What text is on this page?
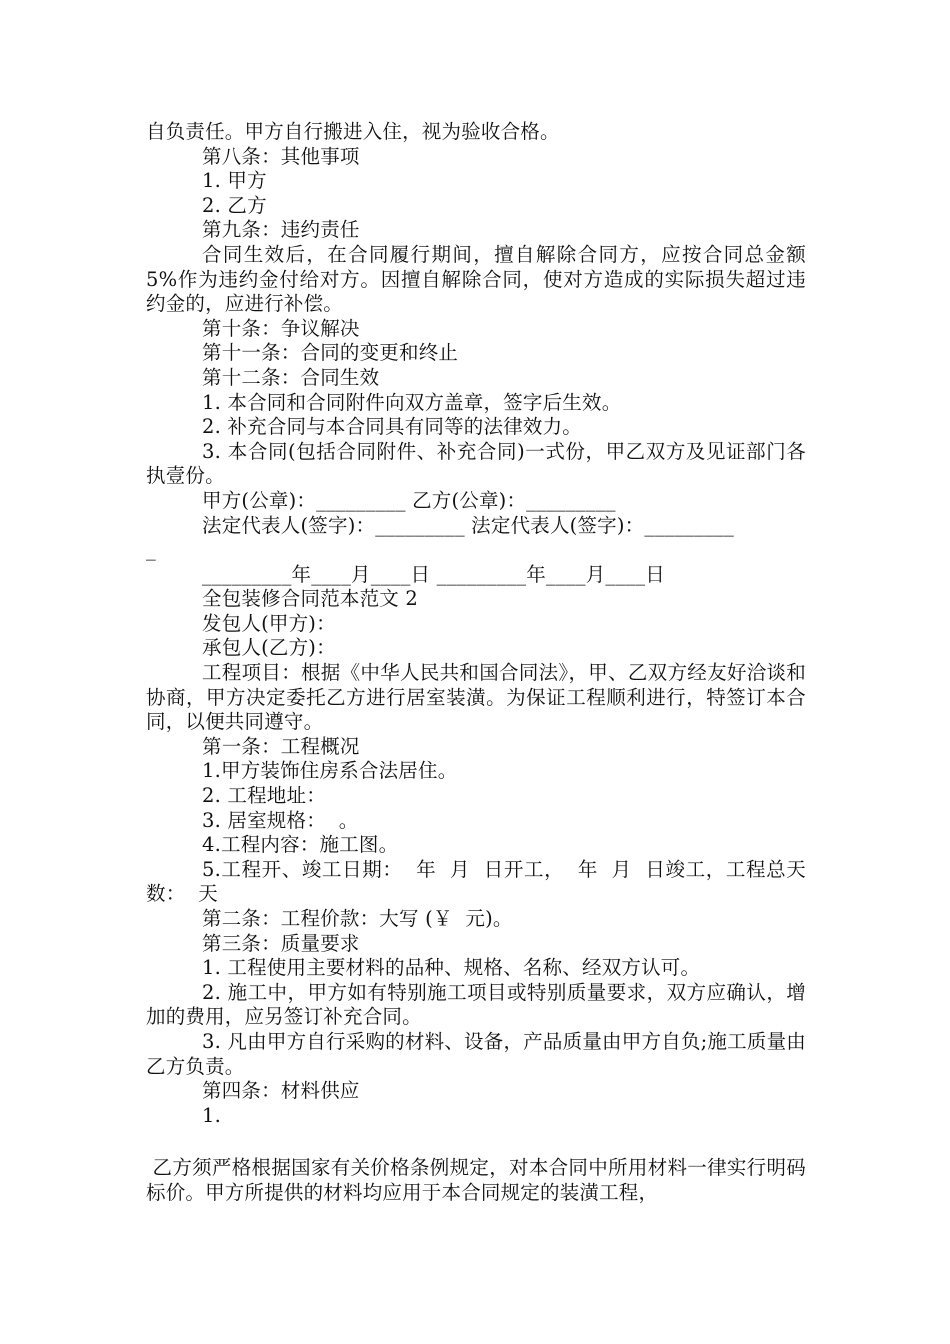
自负责任。甲方自行搬进入住，视为验收合格。

第八条：其他事项

1. 甲方

2. 乙方

第九条：违约责任

合同生效后，在合同履行期间，擅自解除合同方，应按合同总金额 5%作为违约金付给对方。因擅自解除合同，使对方造成的实际损失超过违约金的，应进行补偿。

第十条：争议解决

第十一条：合同的变更和终止

第十二条：合同生效

1. 本合同和合同附件向双方盖章，签字后生效。

2. 补充合同与本合同具有同等的法律效力。

3. 本合同(包括合同附件、补充合同)一式份，甲乙双方及见证部门各执壹份。

甲方(公章)：_________ 乙方(公章)：_________

法定代表人(签字)：_________ 法定代表人(签字)：_________

_

_________年____月____日 _________年____月____日

全包装修合同范本范文 2

发包人(甲方)：

承包人(乙方)：

工程项目：根据《中华人民共和国合同法》，甲、乙双方经友好洽谈和协商，甲方决定委托乙方进行居室装潢。为保证工程顺利进行，特签订本合同，以便共同遵守。

第一条：工程概况

1.甲方装饰住房系合法居住。

2. 工程地址：

3. 居室规格：  。

4.工程内容：施工图。

5.工程开、竣工日期：  年  月  日开工，  年  月  日竣工，工程总天数：  天

第二条：工程价款：大写 (￥  元)。

第三条：质量要求

1. 工程使用主要材料的品种、规格、名称、经双方认可。

2. 施工中，甲方如有特别施工项目或特别质量要求，双方应确认，增加的费用，应另签订补充合同。

3. 凡由甲方自行采购的材料、设备，产品质量由甲方自负;施工质量由乙方负责。

第四条：材料供应

1.

乙方须严格根据国家有关价格条例规定，对本合同中所用材料一律实行明码标价。甲方所提供的材料均应用于本合同规定的装潢工程，
